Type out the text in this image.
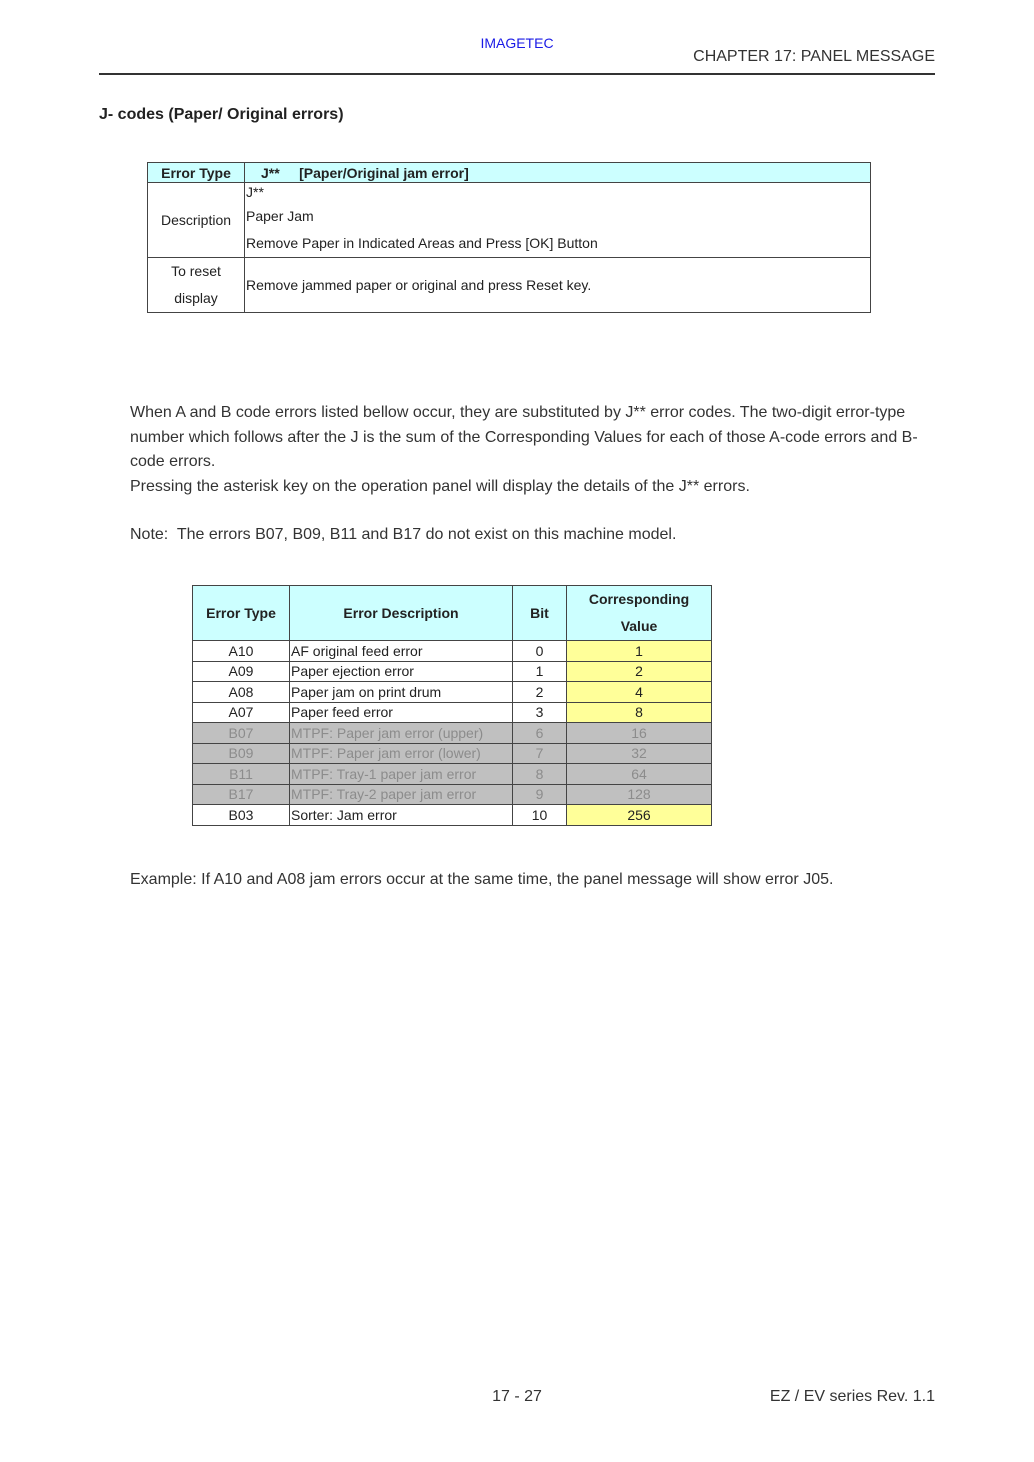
IMAGETEC
CHAPTER 17: PANEL MESSAGE
J- codes (Paper/ Original errors)
Error Type	J**     [Paper/Original jam error]
Description	J**
Paper Jam
Remove Paper in Indicated Areas and Press [OK] Button

To reset
display	Remove jammed paper or original and press Reset key.
When A and B code errors listed bellow occur, they are substituted by J** error codes. The two-digit error-type number which follows after the J is the sum of the Corresponding Values for each of those A-code errors and B-code errors.
Pressing the asterisk key on the operation panel will display the details of the J** errors.
Note:  The errors B07, B09, B11 and B17 do not exist on this machine model.
Error Type	Error Description	Bit	Corresponding
Value

A10	AF original feed error	0	1
A09	Paper ejection error	1	2
A08	Paper jam on print drum	2	4
A07	Paper feed error	3	8
B07	MTPF: Paper jam error (upper)	6	16
B09	MTPF: Paper jam error (lower)	7	32
B11	MTPF: Tray-1 paper jam error	8	64
B17	MTPF: Tray-2 paper jam error	9	128
B03	Sorter: Jam error	10	256
Example: If A10 and A08 jam errors occur at the same time, the panel message will show error J05.
17 - 27	EZ / EV series Rev. 1.1
